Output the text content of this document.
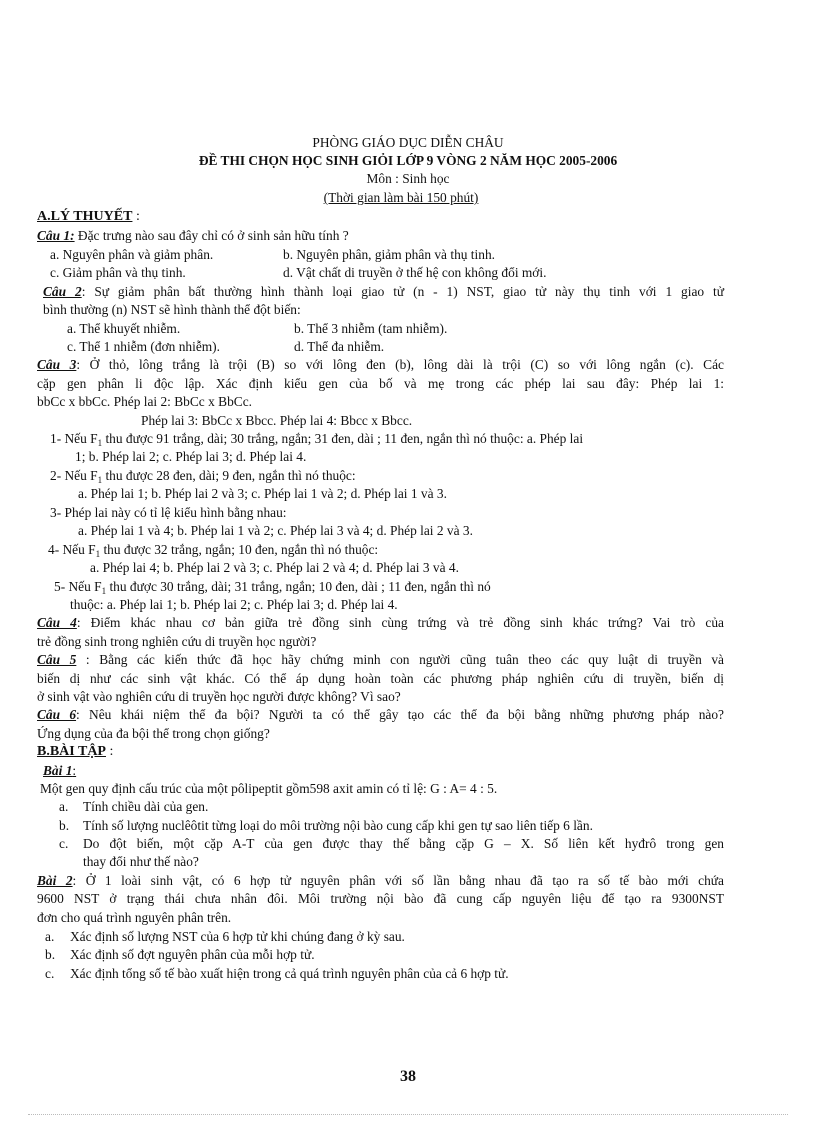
PHÒNG GIÁO DỤC DIỄN CHÂU
ĐỀ THI CHỌN HỌC SINH GIỎI LỚP 9 VÒNG 2 NĂM HỌC 2005-2006
Môn : Sinh học
(Thời gian làm bài 150 phút)
A.LÝ THUYẾT :
Câu 1: Đặc trưng nào sau đây chỉ có ở sinh sản hữu tính ?
a. Nguyên phân và giảm phân.	b. Nguyên phân, giảm phân và thụ tinh.
c. Giảm phân và thụ tinh.	d. Vật chất di truyền ở thế hệ con không đổi mới.
Câu 2: Sự giảm phân bất thường hình thành loại giao tử (n - 1) NST, giao tử này thụ tinh với 1 giao tử
bình thường (n) NST sẽ hình thành thể đột biến:
a. Thể khuyết nhiễm.	b. Thể 3 nhiễm (tam nhiễm).
c. Thể 1 nhiễm (đơn nhiễm).	d. Thể đa nhiễm.
Câu 3: Ở thỏ, lông trắng là trội (B) so với lông đen (b), lông dài là trội (C) so với lông ngắn (c). Các
cặp gen phân li độc lập. Xác định kiểu gen của bố và mẹ trong các phép lai sau đây: Phép lai 1:
bbCc x bbCc. Phép lai 2: BbCc x BbCc.
Phép lai 3: BbCc x Bbcc. Phép lai 4: Bbcc x Bbcc.
1- Nếu $F_1$ thu được 91 trắng, dài; 30 trắng, ngắn; 31 đen, dài ; 11 đen, ngắn thì nó thuộc: a. Phép lai
1; b. Phép lai 2; c. Phép lai 3; d. Phép lai 4.
2- Nếu $F_1$ thu được 28 đen, dài; 9 đen, ngắn thì nó thuộc:
a. Phép lai 1; b. Phép lai 2 và 3; c. Phép lai 1 và 2; d. Phép lai 1 và 3.
3- Phép lai này có tỉ lệ kiểu hình bằng nhau:
a. Phép lai 1 và 4; b. Phép lai 1 và 2; c. Phép lai 3 và 4; d. Phép lai 2 và 3.
4- Nếu $F_1$ thu được 32 trắng, ngắn; 10 đen, ngắn thì nó thuộc:
a. Phép lai 4; b. Phép lai 2 và 3; c. Phép lai 2 và 4; d. Phép lai 3 và 4.
5- Nếu $F_1$ thu được 30 trắng, dài; 31 trắng, ngắn; 10 đen, dài ; 11 đen, ngắn thì nó
thuộc: a. Phép lai 1; b. Phép lai 2; c. Phép lai 3; d. Phép lai 4.
Câu 4: Điểm khác nhau cơ bản giữa trẻ đồng sinh cùng trứng và trẻ đồng sinh khác trứng? Vai trò của
trẻ đồng sinh trong nghiên cứu di truyền học người?
Câu 5 : Bằng các kiến thức đã học hãy chứng minh con người cũng tuân theo các quy luật di truyền và
biến dị như các sinh vật khác. Có thể áp dụng hoàn toàn các phương pháp nghiên cứu di truyền, biến dị
ở sinh vật vào nghiên cứu di truyền học người được không? Vì sao?
Câu 6: Nêu khái niệm thể đa bội? Người ta có thể gây tạo các thể đa bội bằng những phương pháp nào?
Ứng dụng của đa bội thể trong chọn giống?
B.BÀI TẬP :
Bài 1:
Một gen quy định cấu trúc của một pôlipeptit gồm598 axit amin có tỉ lệ: G : A= 4 : 5.
a. Tính chiều dài của gen.
b. Tính số lượng nuclêôtit từng loại do môi trường nội bào cung cấp khi gen tự sao liên tiếp 6 lần.
c. Do đột biến, một cặp A-T của gen được thay thế bằng cặp G – X. Số liên kết hyđrô trong gen
thay đổi như thế nào?
Bài 2: Ở 1 loài sinh vật, có 6 hợp tử nguyên phân với số lần bằng nhau đã tạo ra số tế bào mới chứa
9600 NST ở trạng thái chưa nhân đôi. Môi trường nội bào đã cung cấp nguyên liệu để tạo ra 9300NST
đơn cho quá trình nguyên phân trên.
a. Xác định số lượng NST của 6 hợp tử khi chúng đang ở kỳ sau.
b. Xác định số đợt nguyên phân của mỗi hợp tử.
c. Xác định tổng số tế bào xuất hiện trong cả quá trình nguyên phân của cả 6 hợp tử.
38
